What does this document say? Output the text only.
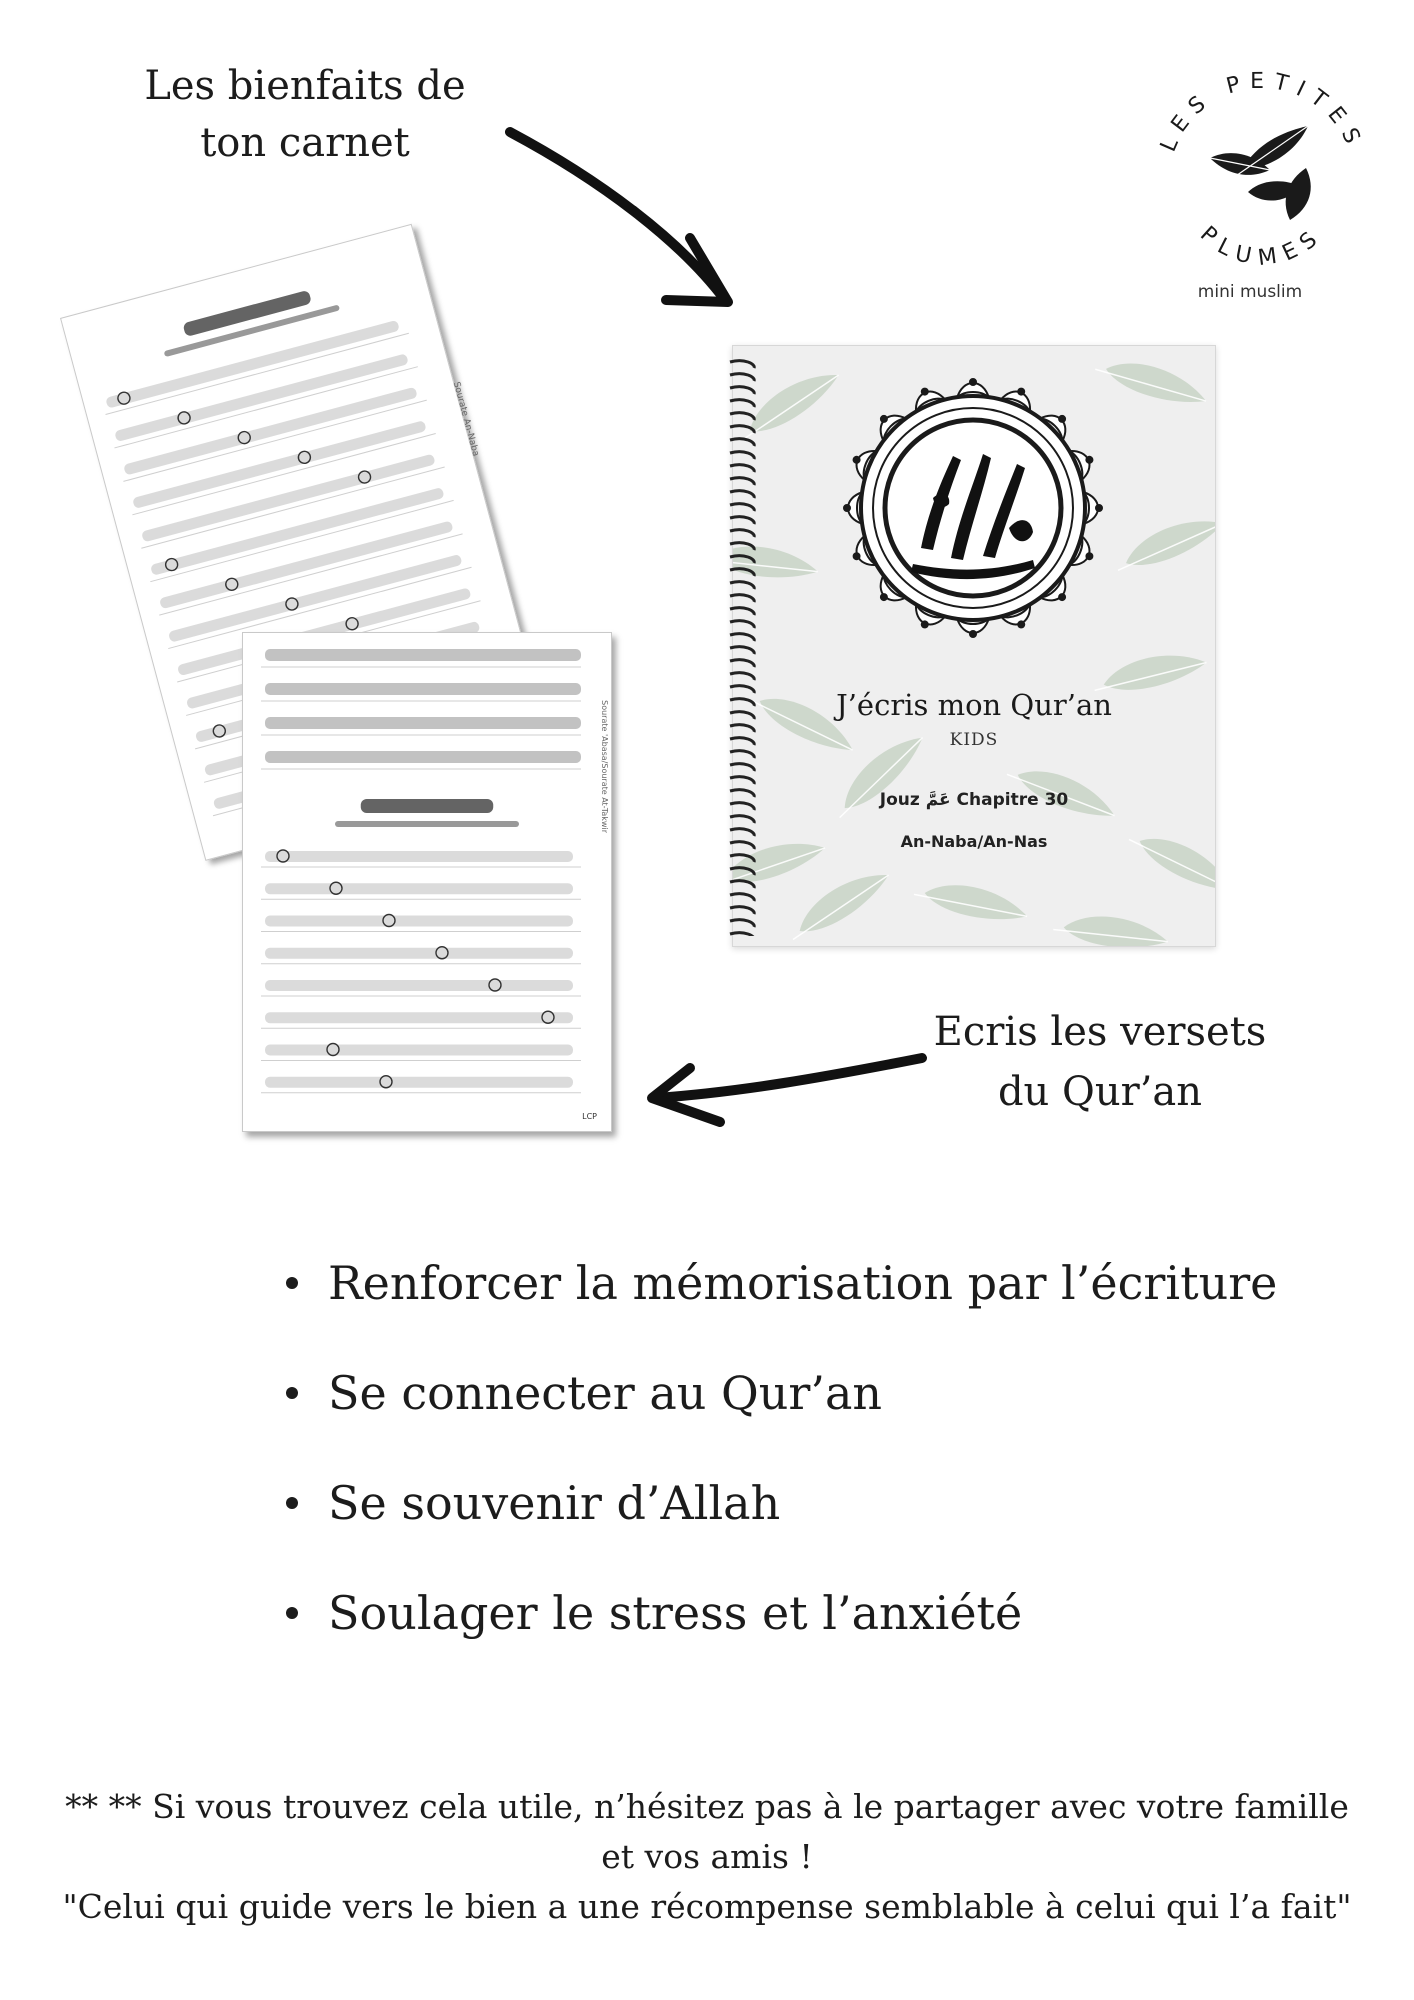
Les bienfaits de
ton carnet	LES PETITES
PLUMES
mini muslim
Sourate An-Naba
Sourate 'Abasa/Sourate At-Takwir
LCP
J’écris mon Qur’an
KIDS
Jouz عَمَّ Chapitre 30
An-Naba/An-Nas
Ecris les versets
du Qur’an
Renforcer la mémorisation par l’écriture
Se connecter au Qur’an
Se souvenir d’Allah
Soulager le stress et l’anxiété
** ** Si vous trouvez cela utile, n’hésitez pas à le partager avec votre famille
et vos amis !
"Celui qui guide vers le bien a une récompense semblable à celui qui l’a fait"
